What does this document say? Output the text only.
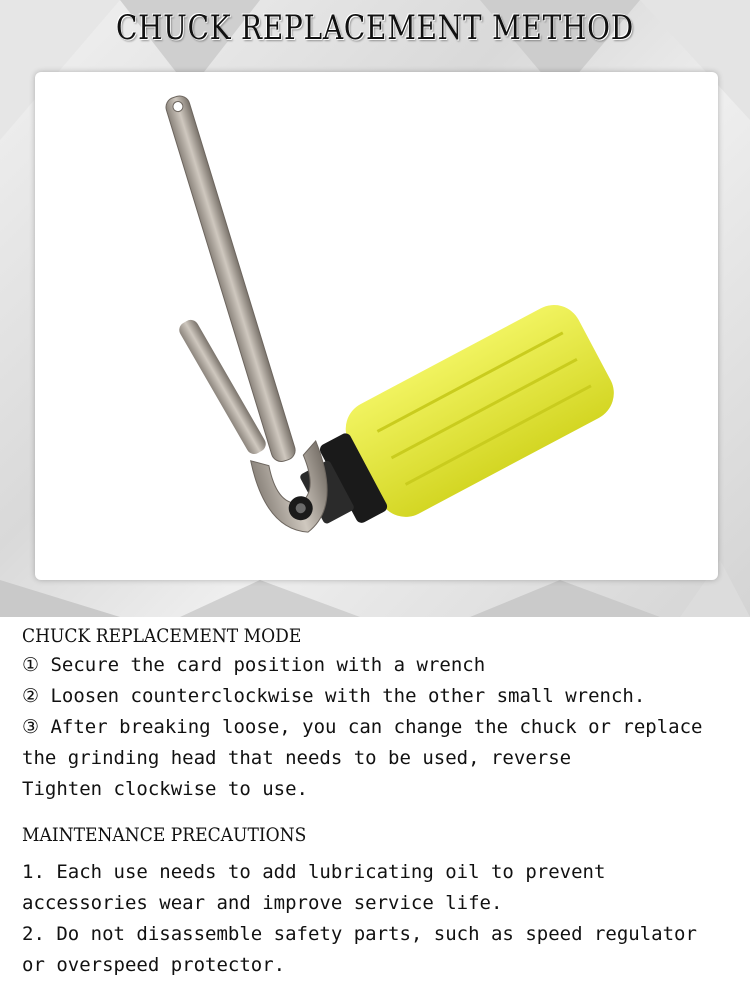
CHUCK REPLACEMENT METHOD

CHUCK REPLACEMENT MODE

① Secure the card position with a wrench

② Loosen counterclockwise with the other small wrench.

③ After breaking loose, you can change the chuck or replace

the grinding head that needs to be used, reverse

Tighten clockwise to use.

MAINTENANCE PRECAUTIONS

1. Each use needs to add lubricating oil to prevent

accessories wear and improve service life.

2. Do not disassemble safety parts, such as speed regulator

or overspeed protector.
